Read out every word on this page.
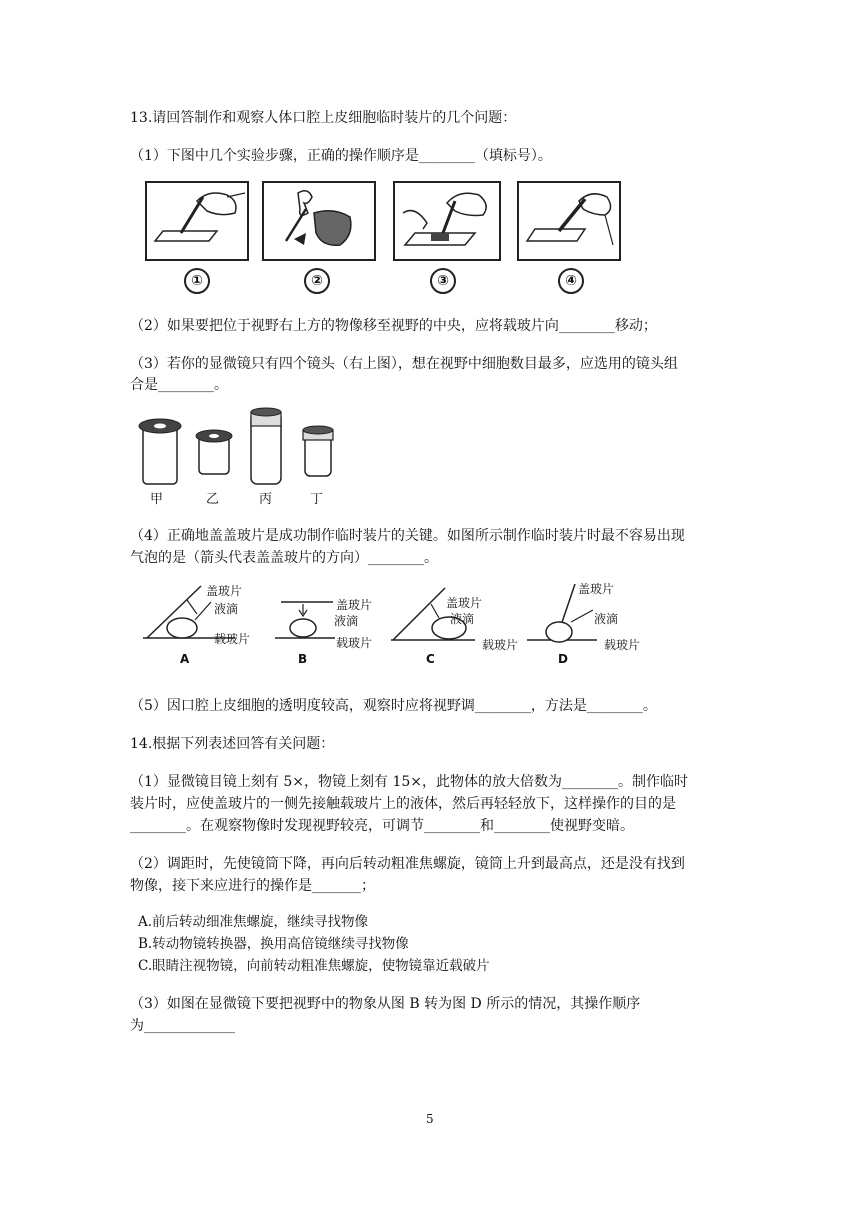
13.请回答制作和观察人体口腔上皮细胞临时装片的几个问题：
（1）下图中几个实验步骤，正确的操作顺序是________（填标号）。
①	②	③	④
（2）如果要把位于视野右上方的物像移至视野的中央，应将载玻片向________移动；
（3）若你的显微镜只有四个镜头（右上图），想在视野中细胞数目最多，应选用的镜头组
合是________。
甲	乙	丙	丁
（4）正确地盖盖玻片是成功制作临时装片的关键。如图所示制作临时装片时最不容易出现
气泡的是（箭头代表盖盖玻片的方向）________。
盖玻片
液滴
载玻片
盖玻片
液滴
载玻片
盖玻片
液滴
载玻片
盖玻片
液滴
载玻片
A	B	C	D
（5）因口腔上皮细胞的透明度较高，观察时应将视野调________，方法是________。
14.根据下列表述回答有关问题：
（1）显微镜目镜上刻有 5×，物镜上刻有 15×，此物体的放大倍数为________。制作临时
装片时，应使盖玻片的一侧先接触载玻片上的液体，然后再轻轻放下，这样操作的目的是
________。在观察物像时发现视野较亮，可调节________和________使视野变暗。
（2）调距时，先使镜筒下降，再向后转动粗准焦螺旋，镜筒上升到最高点，还是没有找到
物像，接下来应进行的操作是_______；
A.前后转动细准焦螺旋，继续寻找物像
B.转动物镜转换器，换用高倍镜继续寻找物像
C.眼睛注视物镜，向前转动粗准焦螺旋，使物镜靠近载破片
（3）如图在显微镜下要把视野中的物象从图 B 转为图 D 所示的情况，其操作顺序
为_____________
5
